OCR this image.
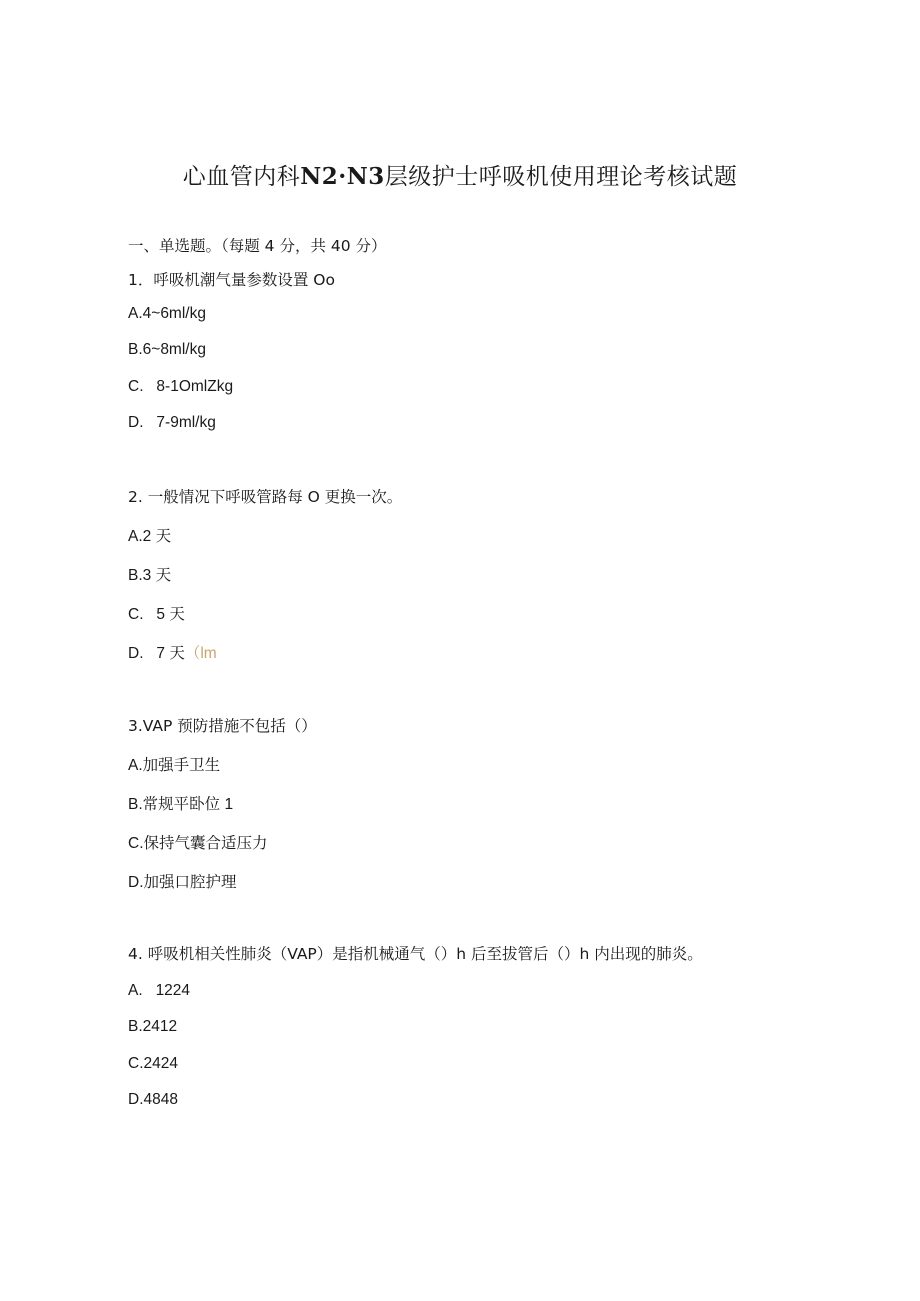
心血管内科N2·N3层级护士呼吸机使用理论考核试题

一、单选题。（每题 4 分，共 40 分）

1．呼吸机潮气量参数设置 Oo

A.4~6ml/kg

B.6~8ml/kg

C.   8-1OmlZkg

D.   7-9ml/kg

2. 一般情况下呼吸管路每 O 更换一次。

A.2 天

B.3 天

C.   5 天

D.   7 天（lm

3.VAP 预防措施不包括（）

A.加强手卫生

B.常规平卧位 1

C.保持气囊合适压力

D.加强口腔护理

4. 呼吸机相关性肺炎（VAP）是指机械通气（）h 后至拔管后（）h 内出现的肺炎。

A.   1224

B.2412

C.2424

D.4848
